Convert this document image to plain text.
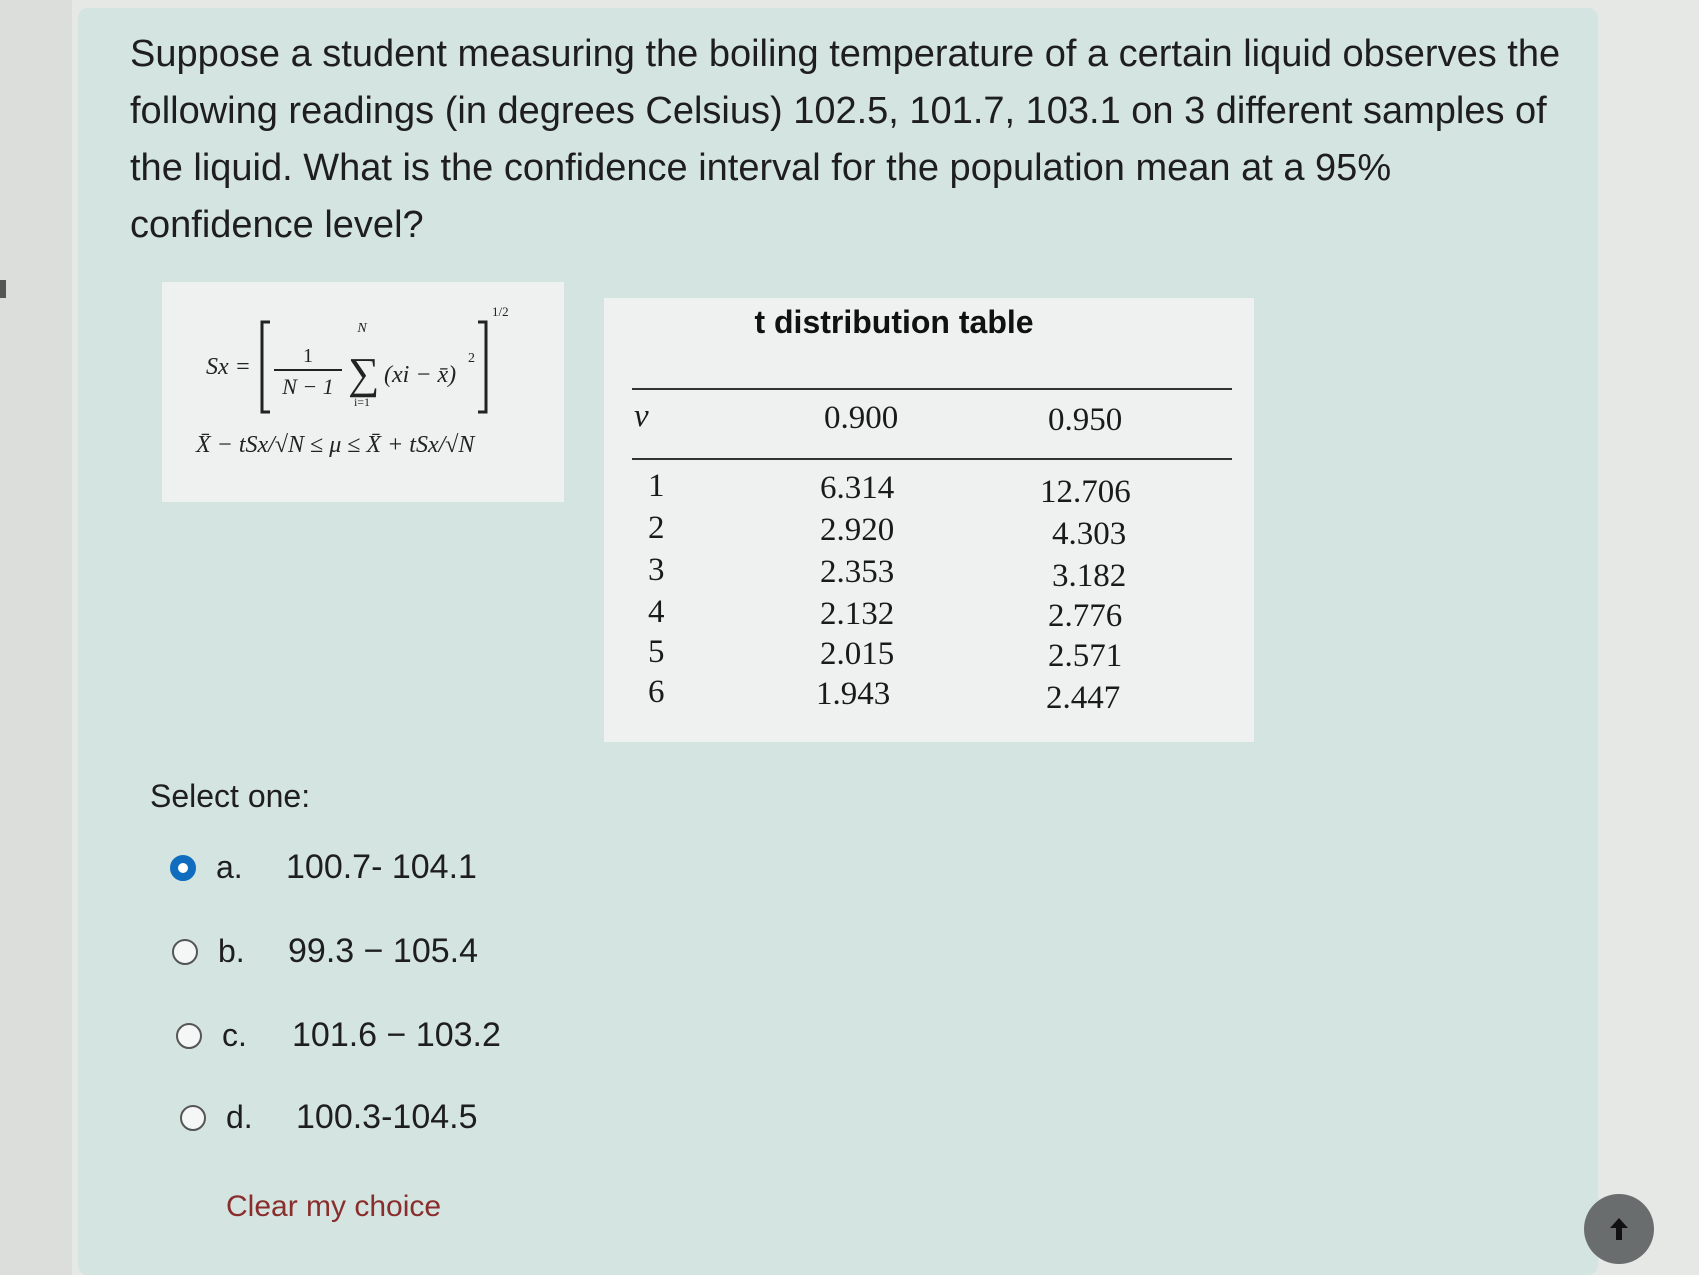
Suppose a student measuring the boiling temperature of a certain liquid observes the following readings (in degrees Celsius) 102.5, 101.7, 103.1 on 3 different samples of the liquid. What is the confidence interval for the population mean at a 95% confidence level?
Sx =	1
N − 1
N
∑
i=1
(xi − x̄)
2
1/2
X̄ − tSx/√N ≤ μ ≤ X̄ + tSx/√N
t distribution table
ν	0.900	0.950
1	6.314	12.706
2	2.920	4.303
3	2.353	3.182
4	2.132	2.776
5	2.015	2.571
6	1.943	2.447
Select one:
a.	100.7- 104.1
b.	99.3 − 105.4
c.	101.6 − 103.2
d.	100.3-104.5
Clear my choice
